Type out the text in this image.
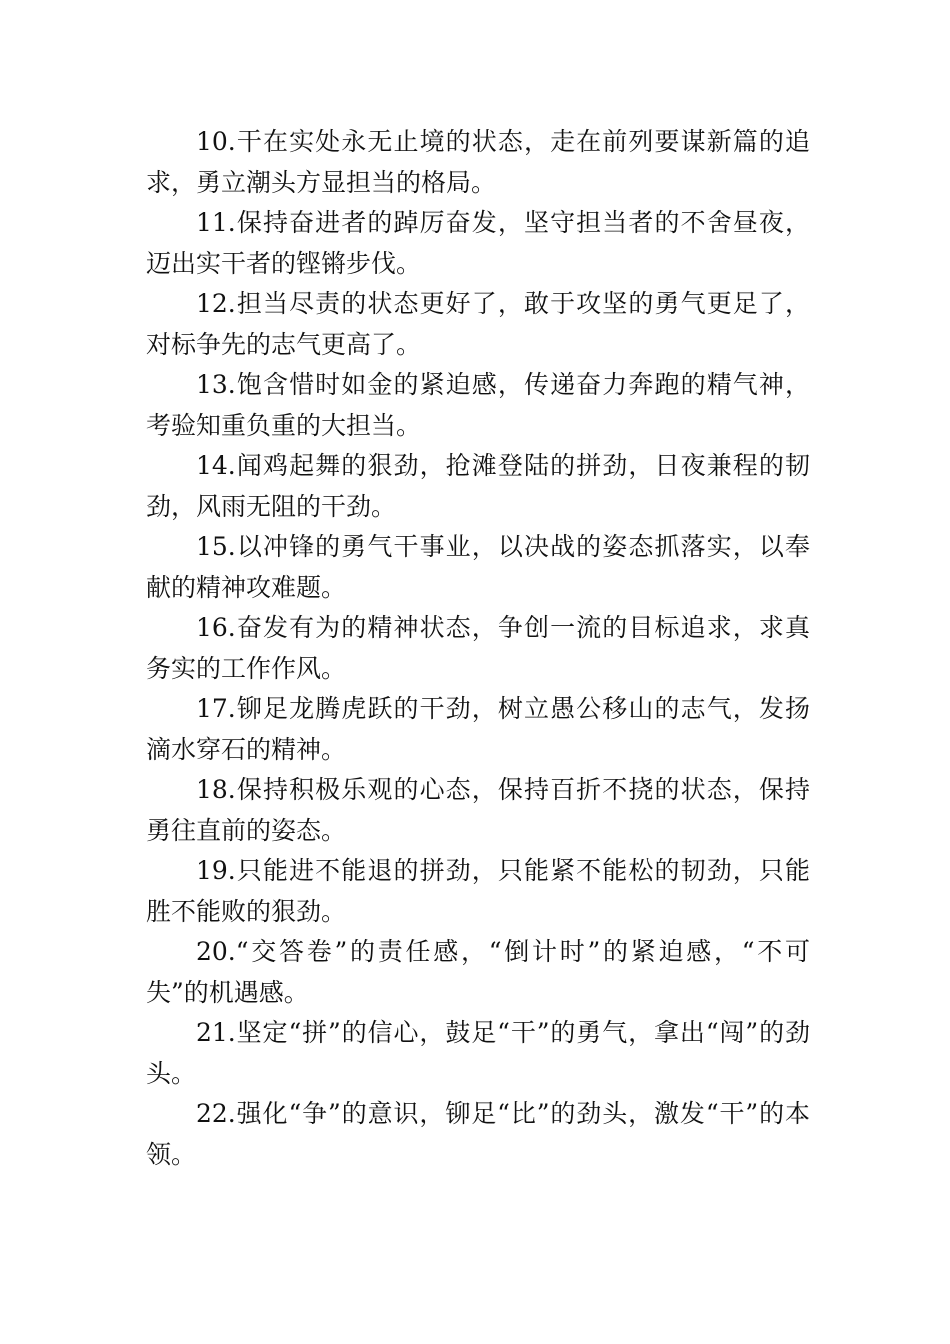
10.干在实处永无止境的状态，走在前列要谋新篇的追求，勇立潮头方显担当的格局。

11.保持奋进者的踔厉奋发，坚守担当者的不舍昼夜，迈出实干者的铿锵步伐。

12.担当尽责的状态更好了，敢于攻坚的勇气更足了，对标争先的志气更高了。

13.饱含惜时如金的紧迫感，传递奋力奔跑的精气神，考验知重负重的大担当。

14.闻鸡起舞的狠劲，抢滩登陆的拼劲，日夜兼程的韧劲，风雨无阻的干劲。

15.以冲锋的勇气干事业，以决战的姿态抓落实，以奉献的精神攻难题。

16.奋发有为的精神状态，争创一流的目标追求，求真务实的工作作风。

17.铆足龙腾虎跃的干劲，树立愚公移山的志气，发扬滴水穿石的精神。

18.保持积极乐观的心态，保持百折不挠的状态，保持勇往直前的姿态。

19.只能进不能退的拼劲，只能紧不能松的韧劲，只能胜不能败的狠劲。

20.“交答卷”的责任感，“倒计时”的紧迫感，“不可失”的机遇感。

21.坚定“拼”的信心，鼓足“干”的勇气，拿出“闯”的劲头。

22.强化“争”的意识，铆足“比”的劲头，激发“干”的本领。
